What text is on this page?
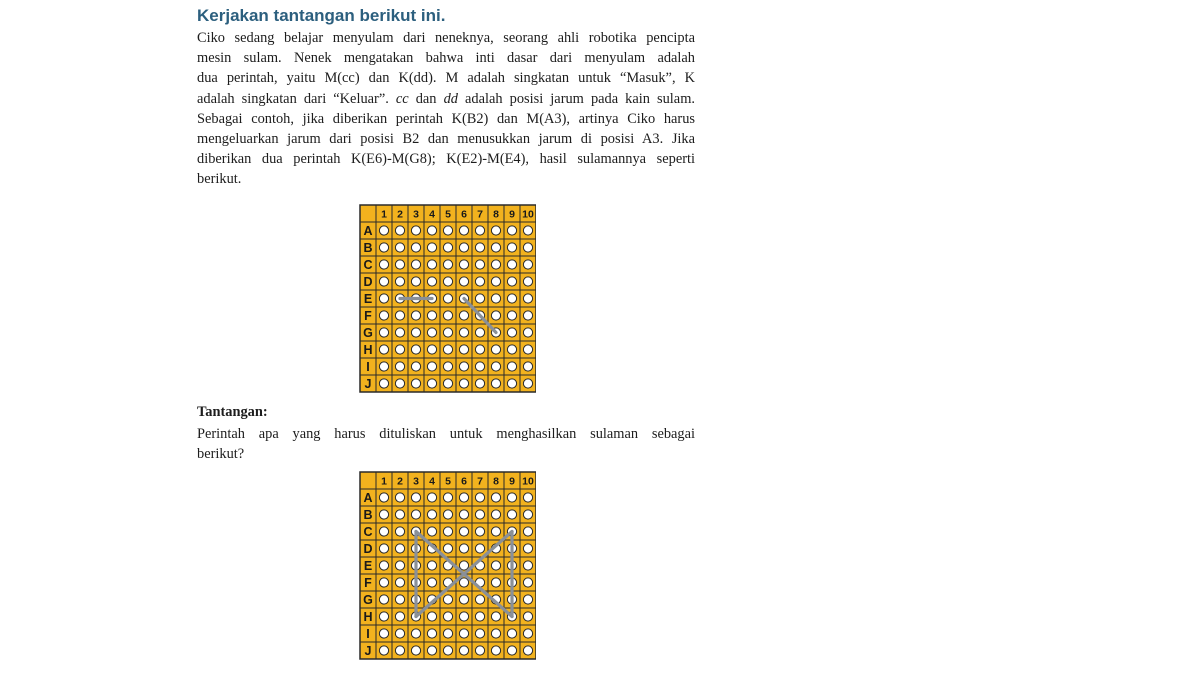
Kerjakan tantangan berikut ini.
Ciko sedang belajar menyulam dari neneknya, seorang ahli robotika pencipta
mesin sulam. Nenek mengatakan bahwa inti dasar dari menyulam adalah
dua perintah, yaitu M(cc) dan K(dd). M adalah singkatan untuk “Masuk”, K
adalah singkatan dari “Keluar”. cc dan dd adalah posisi jarum pada kain sulam.
Sebagai contoh, jika diberikan perintah K(B2) dan M(A3), artinya Ciko harus
mengeluarkan jarum dari posisi B2 dan menusukkan jarum di posisi A3. Jika
diberikan dua perintah K(E6)-M(G8); K(E2)-M(E4), hasil sulamannya seperti
berikut.
1 2 3 4 5 6 7 8 9 10
A
B
C
D
E
F
G
H
I
J
Tantangan:
Perintah apa yang harus dituliskan untuk menghasilkan sulaman sebagai
berikut?
1 2 3 4 5 6 7 8 9 10
A
B
C
D
E
F
G
H
I
J
